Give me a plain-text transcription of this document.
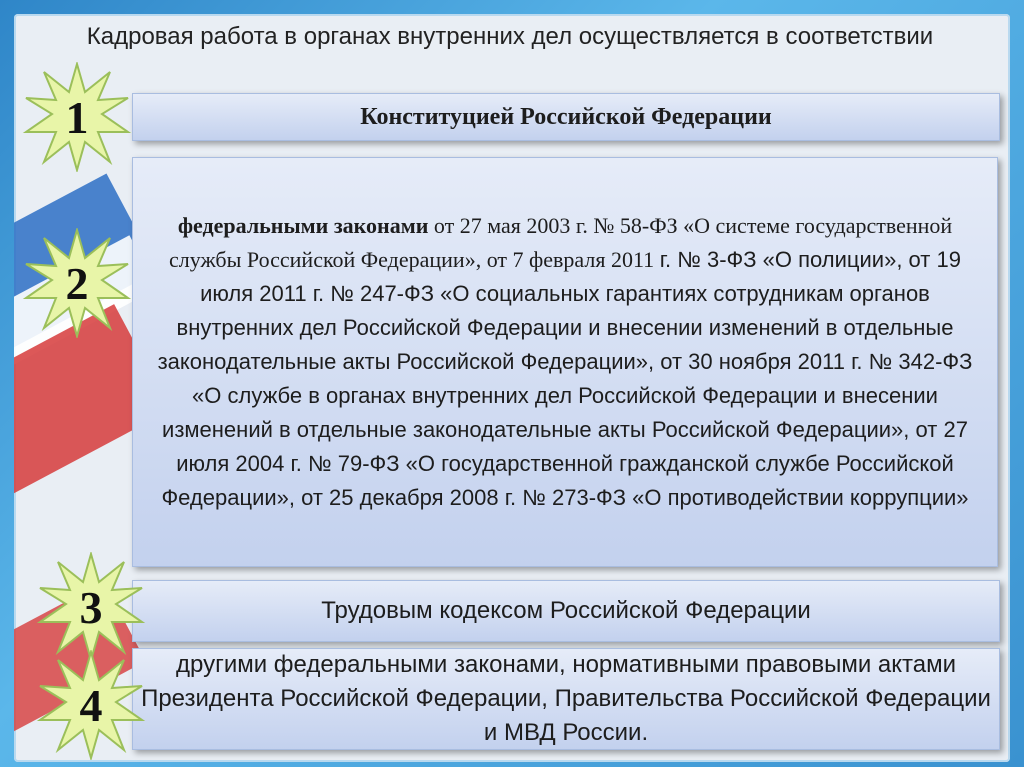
Кадровая работа в органах внутренних дел осуществляется в соответствии
Конституцией Российской Федерации
федеральными законами от 27 мая 2003 г. № 58-ФЗ «О системе государственной службы Российской Федерации», от 7 февраля 2011 г. № 3-ФЗ «О полиции», от 19 июля 2011 г. № 247-ФЗ «О социальных гарантиях сотрудникам органов внутренних дел Российской Федерации и внесении изменений в отдельные законодательные акты Российской Федерации», от 30 ноября 2011 г. № 342-ФЗ «О службе в органах внутренних дел Российской Федерации и внесении изменений в отдельные законодательные акты Российской Федерации», от 27 июля 2004 г. № 79-ФЗ «О государственной гражданской службе Российской Федерации», от 25 декабря 2008 г. № 273-ФЗ «О противодействии коррупции»
Трудовым кодексом Российской Федерации
другими федеральными законами, нормативными правовыми актами Президента Российской Федерации, Правительства Российской Федерации и МВД России.
1
2
3
4
